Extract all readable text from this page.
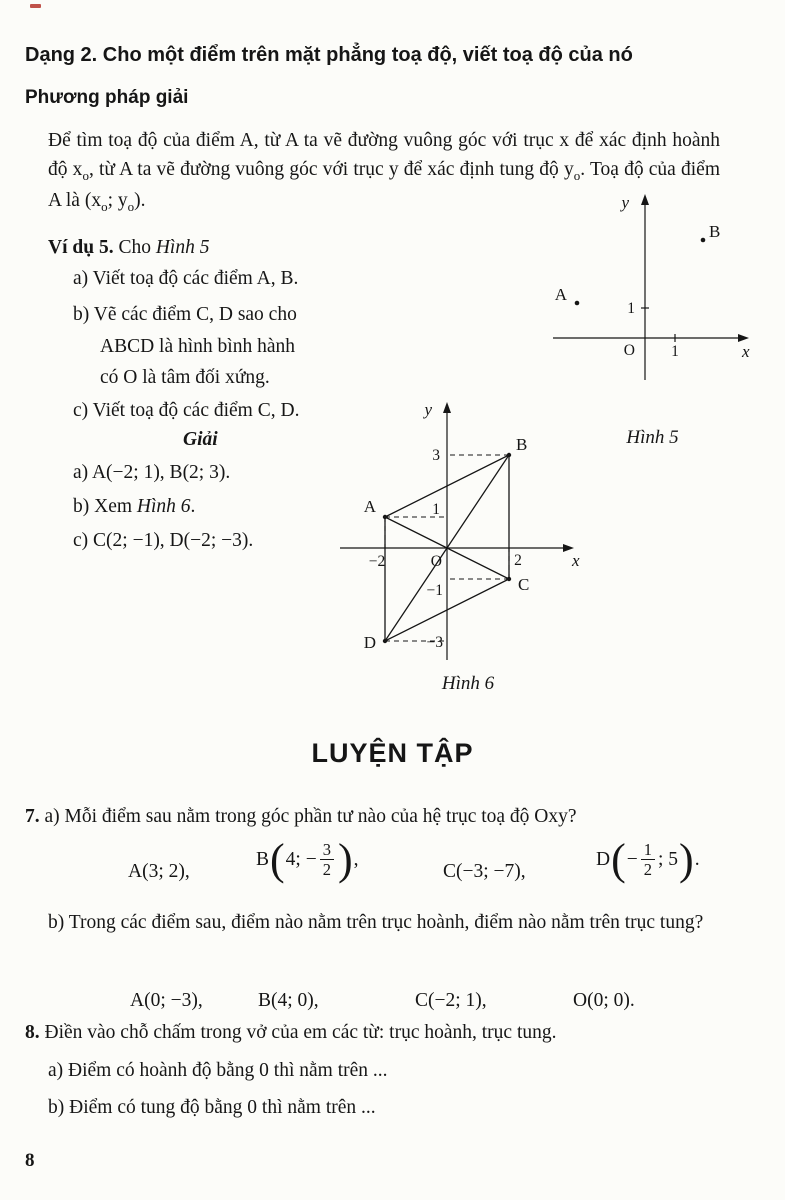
Dạng 2. Cho một điểm trên mặt phẳng toạ độ, viết toạ độ của nó
Phương pháp giải

Để tìm toạ độ của điểm A, từ A ta vẽ đường vuông góc với trục x để xác định hoành độ $x_o$, từ A ta vẽ đường vuông góc với trục y để xác định tung độ $y_o$. Toạ độ của điểm A là ($x_o$; $y_o$).

Ví dụ 5. Cho Hình 5
a) Viết toạ độ các điểm A, B.
b) Vẽ các điểm C, D sao cho
ABCD là hình bình hành
có O là tâm đối xứng.
c) Viết toạ độ các điểm C, D.
Giải
a) A(−2; 1), B(2; 3).
b) Xem Hình 6.
c) C(2; −1), D(−2; −3).
y
x
O 1
1
A
B
Hình 5
y
x
O
3
1
−1
−3
−2	2
A
B
C
D
Hình 6
LUYỆN TẬP
7. a) Mỗi điểm sau nằm trong góc phần tư nào của hệ trục toạ độ Oxy?
A(3; 2),
B ( 4; − $\frac{3}{2}$ ) ,
C(−3; −7),
D ( − $\frac{1}{2}$ ; 5 ) .
b) Trong các điểm sau, điểm nào nằm trên trục hoành, điểm nào nằm trên trục tung?
A(0; −3),	B(4; 0),	C(−2; 1),	O(0; 0).
8. Điền vào chỗ chấm trong vở của em các từ: trục hoành, trục tung.
a) Điểm có hoành độ bằng 0 thì nằm trên ...
b) Điểm có tung độ bằng 0 thì nằm trên ...
8
